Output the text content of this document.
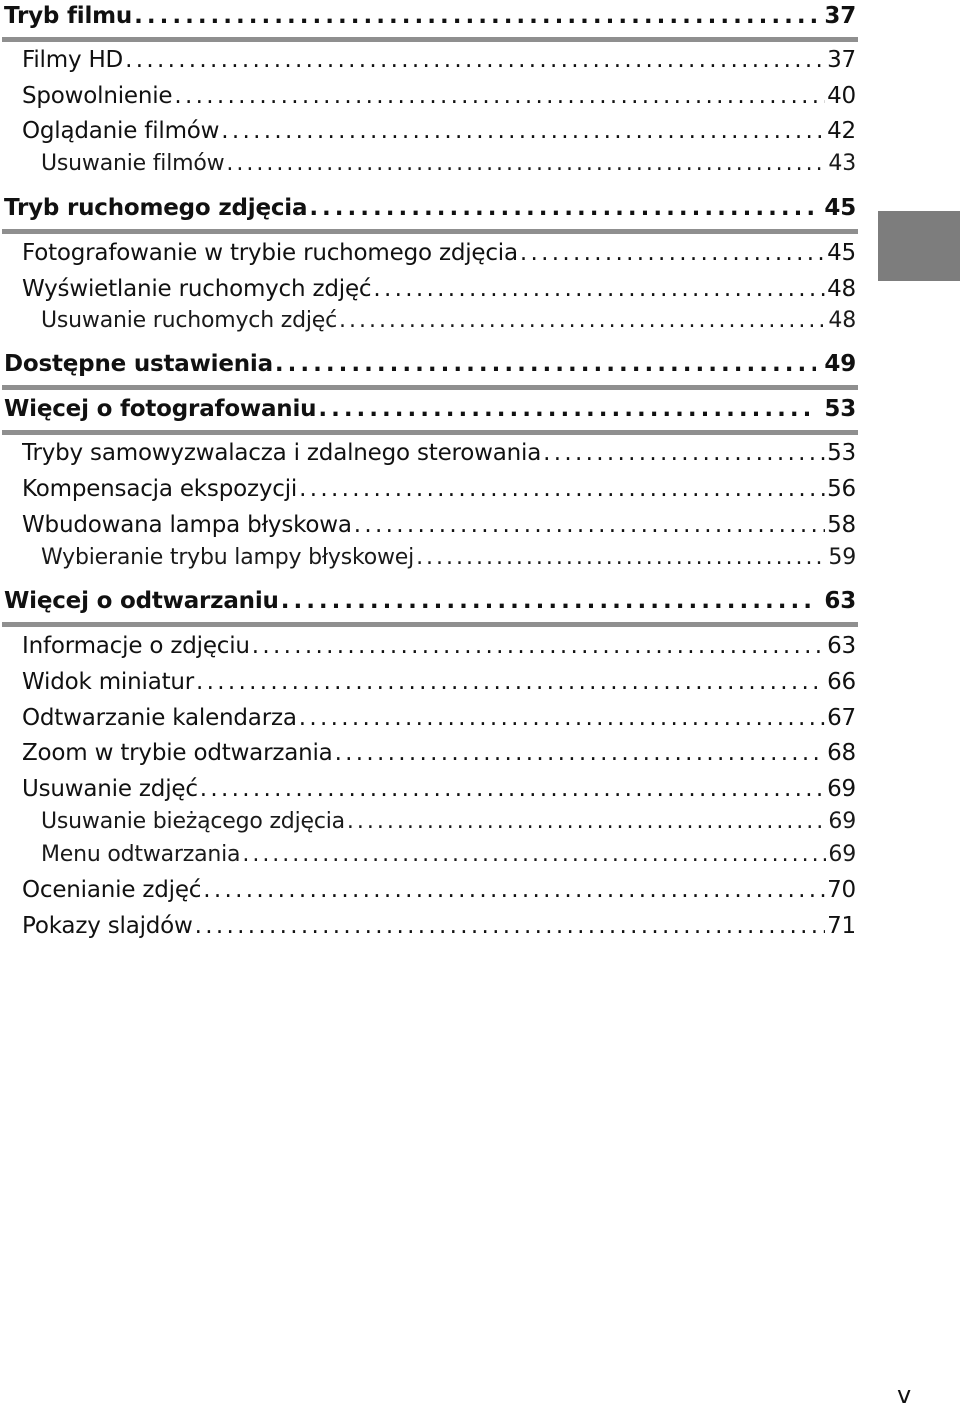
Tryb filmu . . .	37
Filmy HD . . .	37
Spowolnienie . . .	40
Oglądanie filmów . . .	42
Usuwanie filmów . . .	43
Tryb ruchomego zdjęcia . . .	45
Fotografowanie w trybie ruchomego zdjęcia . . .	45
Wyświetlanie ruchomych zdjęć . . .	48
Usuwanie ruchomych zdjęć . . .	48
Dostępne ustawienia . . .	49
Więcej o fotografowaniu . . .	53
Tryby samowyzwalacza i zdalnego sterowania . . .	53
Kompensacja ekspozycji . . .	56
Wbudowana lampa błyskowa . . .	58
Wybieranie trybu lampy błyskowej . . .	59
Więcej o odtwarzaniu . . .	63
Informacje o zdjęciu . . .	63
Widok miniatur . . .	66
Odtwarzanie kalendarza . . .	67
Zoom w trybie odtwarzania . . .	68
Usuwanie zdjęć . . .	69
Usuwanie bieżącego zdjęcia . . .	69
Menu odtwarzania . . .	69
Ocenianie zdjęć . . .	70
Pokazy slajdów . . .	71
v
